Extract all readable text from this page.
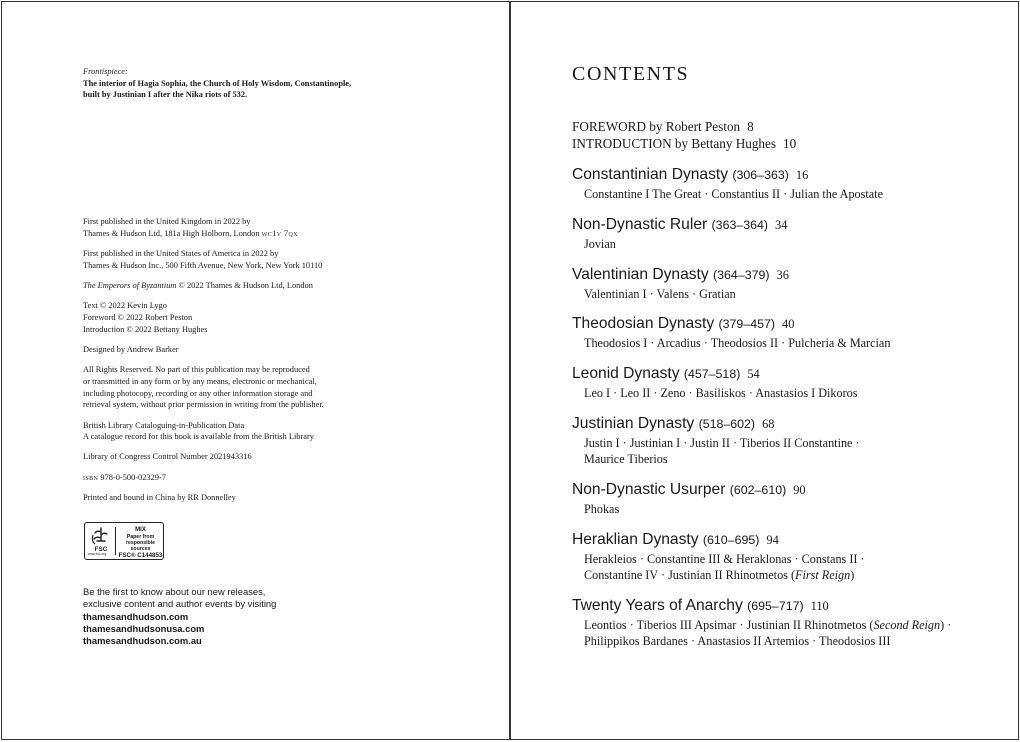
Frontispiece:
The interior of Hagia Sophia, the Church of Holy Wisdom, Constantinople,
built by Justinian I after the Nika riots of 532.

First published in the United Kingdom in 2022 by
Thames & Hudson Ltd, 181a High Holborn, London wc1v 7qx

First published in the United States of America in 2022 by
Thames & Hudson Inc., 500 Fifth Avenue, New York, New York 10110

The Emperors of Byzantium © 2022 Thames & Hudson Ltd, London

Text © 2022 Kevin Lygo
Foreword © 2022 Robert Peston
Introduction © 2022 Bettany Hughes

Designed by Andrew Barker

All Rights Reserved. No part of this publication may be reproduced
or transmitted in any form or by any means, electronic or mechanical,
including photocopy, recording or any other information storage and
retrieval system, without prior permission in writing from the publisher.

British Library Cataloguing-in-Publication Data
A catalogue record for this book is available from the British Library

Library of Congress Control Number 2021943316

isbn 978-0-500-02329-7

Printed and bound in China by RR Donnelley

FSC
www.fsc.org
MIX
Paper from
responsible sources
FSC® C144853
Be the first to know about our new releases,
exclusive content and author events by visiting
thamesandhudson.com
thamesandhudsonusa.com
thamesandhudson.com.au
CONTENTS
FOREWORD by Robert Peston 8
INTRODUCTION by Bettany Hughes 10
Constantinian Dynasty (306–363) 16
Constantine I The Great · Constantius II · Julian the Apostate
Non-Dynastic Ruler (363–364) 34
Jovian
Valentinian Dynasty (364–379) 36
Valentinian I · Valens · Gratian
Theodosian Dynasty (379–457) 40
Theodosios I · Arcadius · Theodosios II · Pulcheria & Marcian
Leonid Dynasty (457–518) 54
Leo I · Leo II · Zeno · Basiliskos · Anastasios I Dikoros
Justinian Dynasty (518–602) 68
Justin I · Justinian I · Justin II · Tiberios II Constantine ·
Maurice Tiberios
Non-Dynastic Usurper (602–610) 90
Phokas
Heraklian Dynasty (610–695) 94
Herakleios · Constantine III & Heraklonas · Constans II ·
Constantine IV · Justinian II Rhinotmetos (First Reign)
Twenty Years of Anarchy (695–717) 110
Leontios · Tiberios III Apsimar · Justinian II Rhinotmetos (Second Reign) ·
Philippikos Bardanes · Anastasios II Artemios · Theodosios III
